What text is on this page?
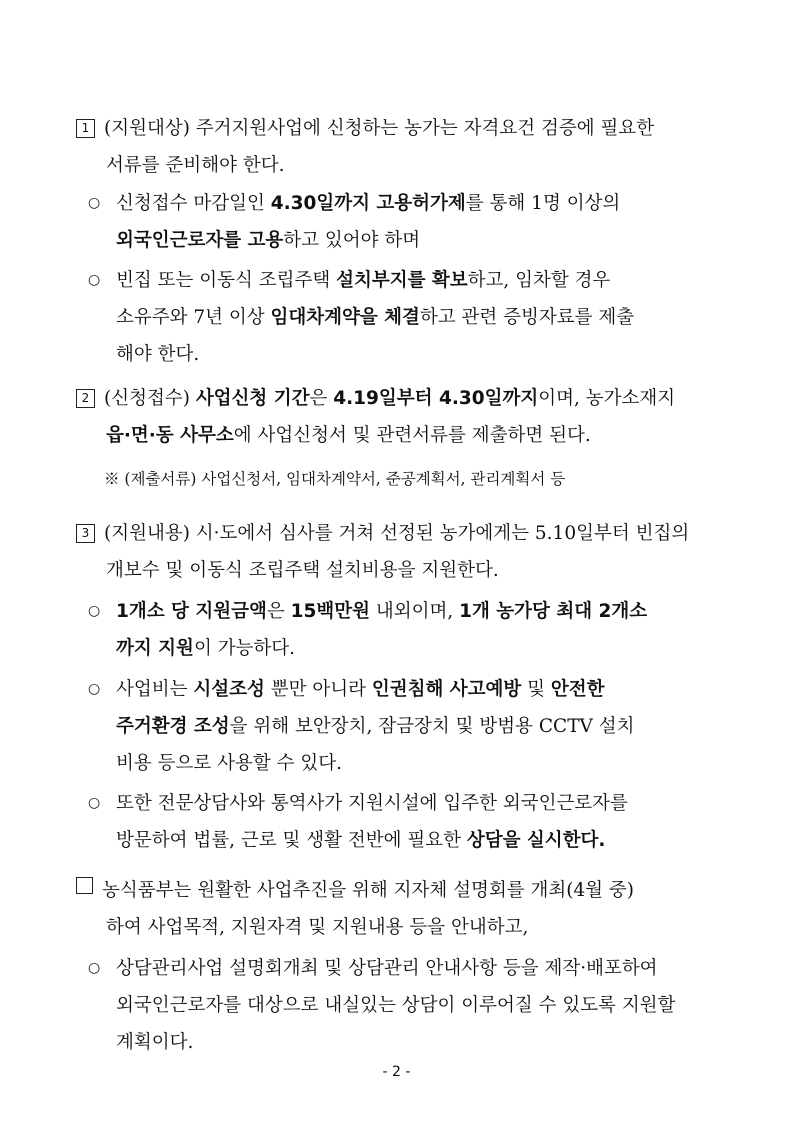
1 (지원대상) 주거지원사업에 신청하는 농가는 자격요건 검증에 필요한
서류를 준비해야 한다.
○ 신청접수 마감일인 4.30일까지 고용허가제를 통해 1명 이상의
외국인근로자를 고용하고 있어야 하며
○ 빈집 또는 이동식 조립주택 설치부지를 확보하고, 임차할 경우
소유주와 7년 이상 임대차계약을 체결하고 관련 증빙자료를 제출
해야 한다.
2 (신청접수) 사업신청 기간은 4.19일부터 4.30일까지이며, 농가소재지
읍·면·동 사무소에 사업신청서 및 관련서류를 제출하면 된다.
※ (제출서류) 사업신청서, 임대차계약서, 준공계획서, 관리계획서 등
3 (지원내용) 시·도에서 심사를 거쳐 선정된 농가에게는 5.10일부터 빈집의
개보수 및 이동식 조립주택 설치비용을 지원한다.
○ 1개소 당 지원금액은 15백만원 내외이며, 1개 농가당 최대 2개소
까지 지원이 가능하다.
○ 사업비는 시설조성 뿐만 아니라 인권침해 사고예방 및 안전한
주거환경 조성을 위해 보안장치, 잠금장치 및 방범용 CCTV 설치
비용 등으로 사용할 수 있다.
○ 또한 전문상담사와 통역사가 지원시설에 입주한 외국인근로자를
방문하여 법률, 근로 및 생활 전반에 필요한 상담을 실시한다.
농식품부는 원활한 사업추진을 위해 지자체 설명회를 개최(4월 중)
하여 사업목적, 지원자격 및 지원내용 등을 안내하고,
○ 상담관리사업 설명회개최 및 상담관리 안내사항 등을 제작·배포하여
외국인근로자를 대상으로 내실있는 상담이 이루어질 수 있도록 지원할
계획이다.
- 2 -
